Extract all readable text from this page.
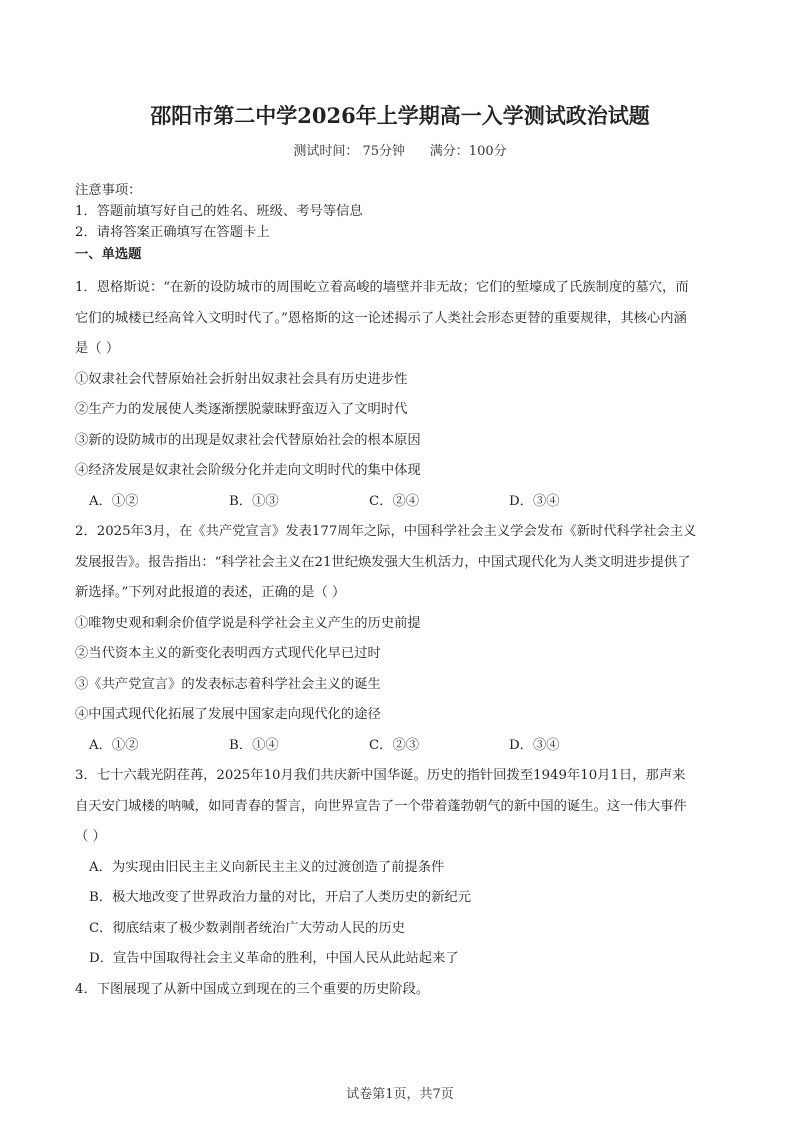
邵阳市第二中学2026年上学期高一入学测试政治试题
测试时间： 75分钟      满分：100分
注意事项：
1．答题前填写好自己的姓名、班级、考号等信息
2．请将答案正确填写在答题卡上
一、单选题
1．恩格斯说：“在新的设防城市的周围屹立着高峻的墙壁并非无故；它们的堑壕成了氏族制度的墓穴，而
它们的城楼已经高耸入文明时代了。”恩格斯的这一论述揭示了人类社会形态更替的重要规律，其核心内涵
是（ ）
①奴隶社会代替原始社会折射出奴隶社会具有历史进步性
②生产力的发展使人类逐渐摆脱蒙昧野蛮迈入了文明时代
③新的设防城市的出现是奴隶社会代替原始社会的根本原因
④经济发展是奴隶社会阶级分化并走向文明时代的集中体现
A．①②	B．①③	C．②④	D．③④
2．2025年3月，在《共产党宣言》发表177周年之际，中国科学社会主义学会发布《新时代科学社会主义
发展报告》。报告指出：“科学社会主义在21世纪焕发强大生机活力，中国式现代化为人类文明进步提供了
新选择。”下列对此报道的表述，正确的是（ ）
①唯物史观和剩余价值学说是科学社会主义产生的历史前提
②当代资本主义的新变化表明西方式现代化早已过时
③《共产党宣言》的发表标志着科学社会主义的诞生
④中国式现代化拓展了发展中国家走向现代化的途径
A．①②	B．①④	C．②③	D．③④
3．七十六载光阴荏苒，2025年10月我们共庆新中国华诞。历史的指针回拨至1949年10月1日，那声来
自天安门城楼的呐喊，如同青春的誓言，向世界宣告了一个带着蓬勃朝气的新中国的诞生。这一伟大事件
（ ）
A．为实现由旧民主主义向新民主主义的过渡创造了前提条件
B．极大地改变了世界政治力量的对比，开启了人类历史的新纪元
C．彻底结束了极少数剥削者统治广大劳动人民的历史
D．宣告中国取得社会主义革命的胜利，中国人民从此站起来了
4．下图展现了从新中国成立到现在的三个重要的历史阶段。
试卷第1页，共7页
